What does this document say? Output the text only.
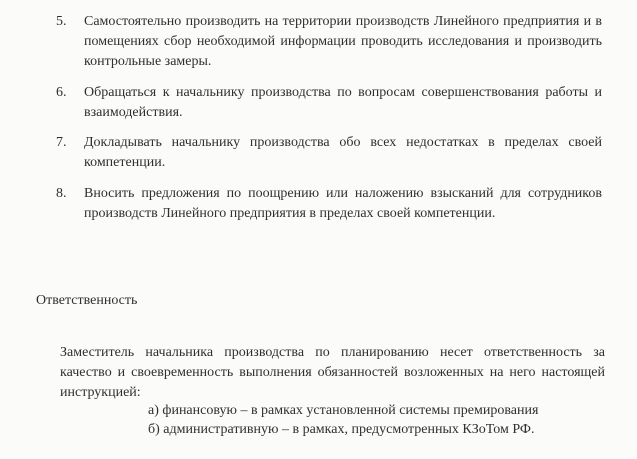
5.	Самостоятельно производить на территории производств Линейного предприятия и в помещениях сбор необходимой информации проводить исследования и производить контрольные замеры.
6.	Обращаться к начальнику производства по вопросам совершенствования работы и взаимодействия.
7.	Докладывать начальнику производства обо всех недостатках в пределах своей компетенции.
8.	Вносить предложения по поощрению или наложению взысканий для сотрудников производств Линейного предприятия в пределах своей компетенции.
Ответственность
Заместитель начальника производства по планированию несет ответственность за качество и своевременность выполнения обязанностей возложенных на него настоящей инструкцией:
а) финансовую – в рамках установленной системы премирования
б) административную – в рамках, предусмотренных КЗоТом РФ.
